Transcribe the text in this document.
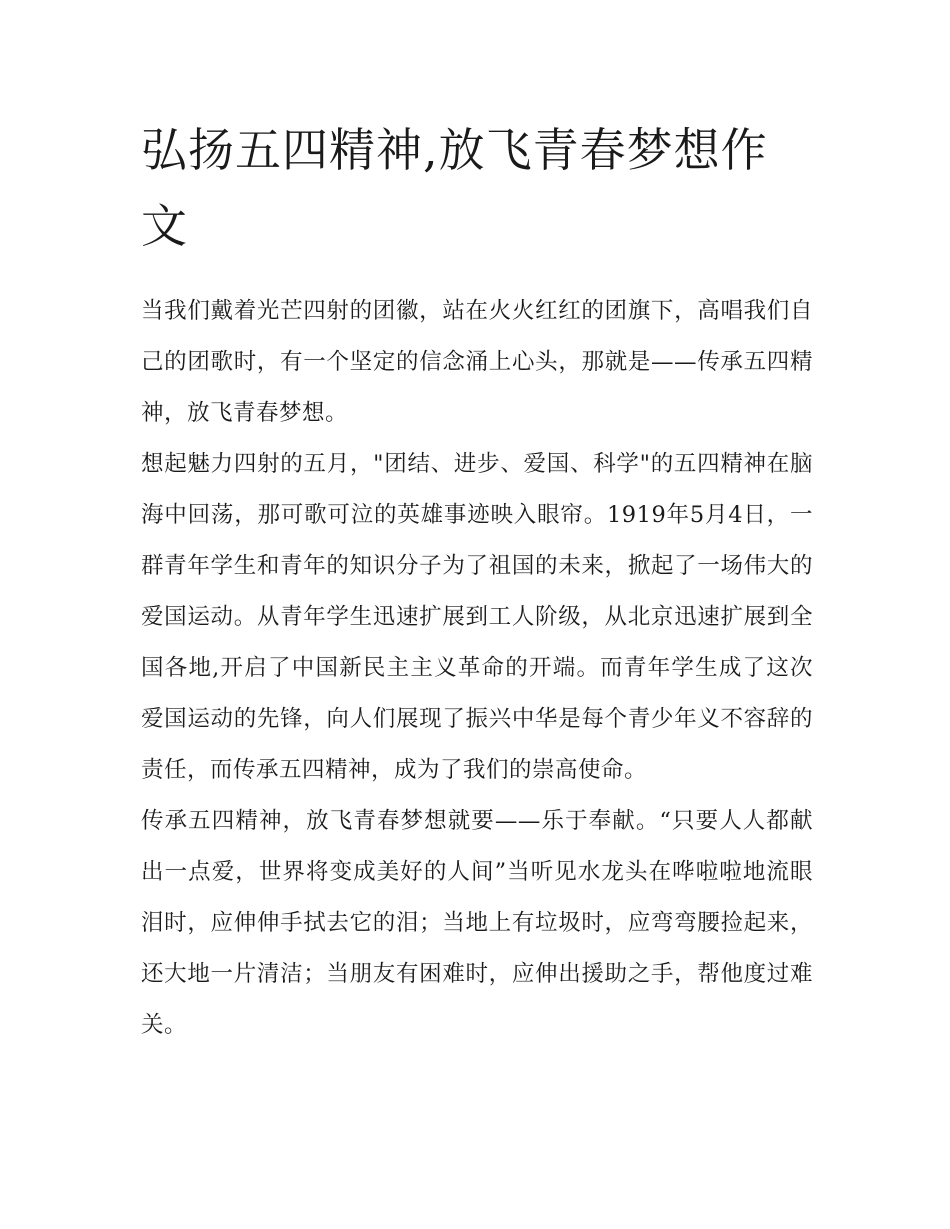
弘扬五四精神,放飞青春梦想作文

当我们戴着光芒四射的团徽，站在火火红红的团旗下，高唱我们自己的团歌时，有一个坚定的信念涌上心头，那就是——传承五四精神，放飞青春梦想。

想起魅力四射的五月，"团结、进步、爱国、科学"的五四精神在脑海中回荡，那可歌可泣的英雄事迹映入眼帘。1919年5月4日，一群青年学生和青年的知识分子为了祖国的未来，掀起了一场伟大的爱国运动。从青年学生迅速扩展到工人阶级，从北京迅速扩展到全国各地,开启了中国新民主主义革命的开端。而青年学生成了这次爱国运动的先锋，向人们展现了振兴中华是每个青少年义不容辞的责任，而传承五四精神，成为了我们的崇高使命。

传承五四精神，放飞青春梦想就要——乐于奉献。“只要人人都献出一点爱，世界将变成美好的人间”当听见水龙头在哗啦啦地流眼泪时，应伸伸手拭去它的泪；当地上有垃圾时，应弯弯腰捡起来，还大地一片清洁；当朋友有困难时，应伸出援助之手，帮他度过难关。
